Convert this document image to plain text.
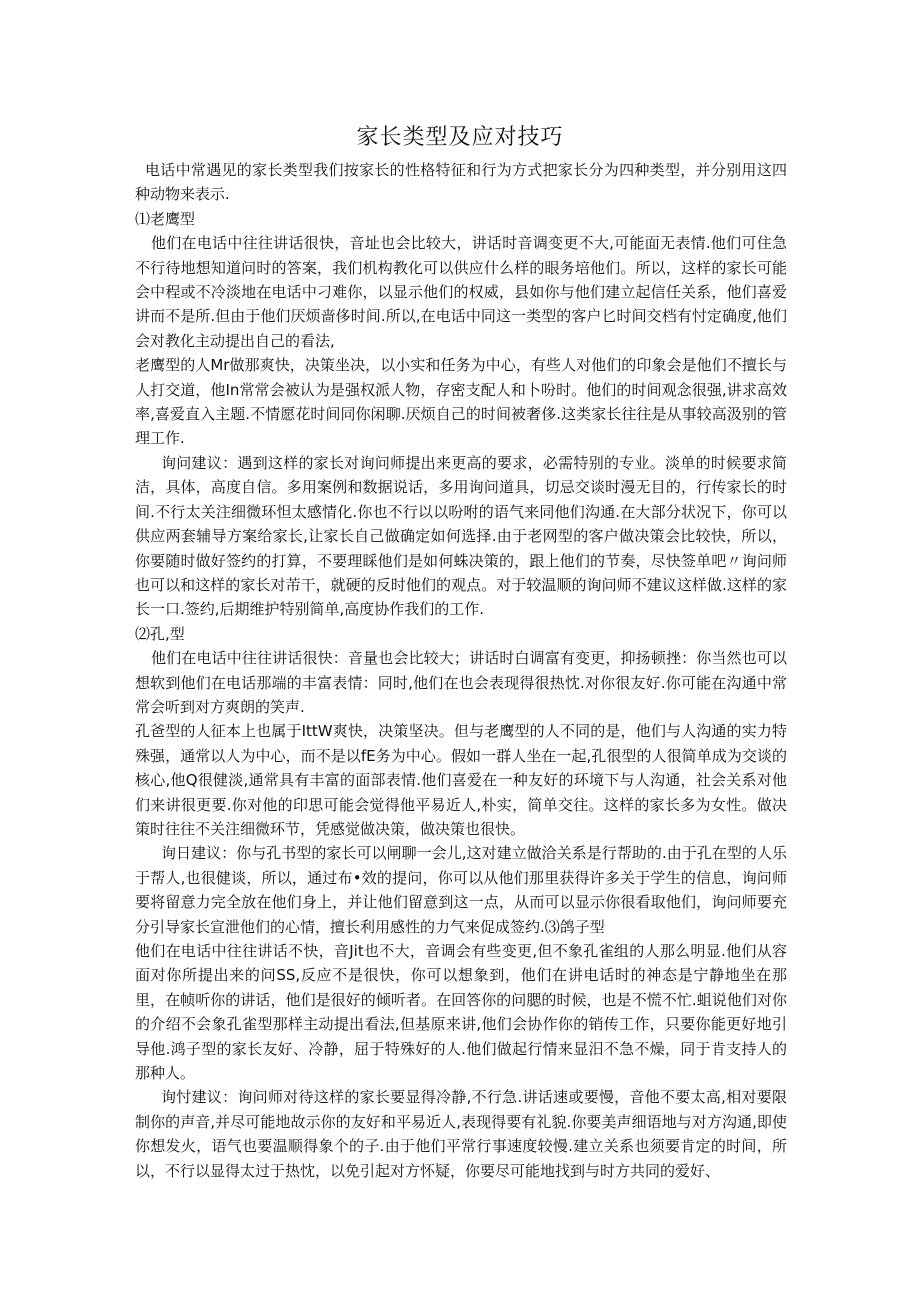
家长类型及应对技巧

电话中常遇见的家长类型我们按家长的性格特征和行为方式把家长分为四种类型，并分别用这四种动物来表示.

⑴老鹰型

他们在电话中往往讲话很快，音址也会比较大，讲话时音调变更不大,可能面无表情.他们可住急不行待地想知道问时的答案，我们机构教化可以供应什么样的眼务培他们。所以，这样的家长可能会中程或不冷淡地在电话中刁难你，以显示他们的权威，县如你与他们建立起信任关系，他们喜爱讲而不是所.但由于他们厌烦啬侈时间.所以,在电话中同这一类型的客户匕时间交档有忖定确度,他们会对教化主动提出自己的看法,

老鹰型的人Mr做那爽快，决策坐决，以小实和任务为中心，有些人对他们的印象会是他们不擅长与人打交道，他In常常会被认为是强权派人物，存密支配人和卜吩时。他们的时间观念很强,讲求高效率,喜爱直入主题.不情愿花时间同你闲聊.厌烦自己的时间被奢侈.这类家长往往是从事较高汲别的管理工作.

询问建议：遇到这样的家长对询问师提出来更高的要求，必需特别的专业。淡单的时候要求简洁，具体，高度自信。多用案例和数据说话，多用询问道具，切忌交谈时漫无目的，行传家长的时间.不行太关注细微环怛太感情化.你也不行以以吩咐的语气来同他们沟通.在大部分状况下，你可以供应两套辅导方案给家长,让家长自己做确定如何选择.由于老网型的客户做决策会比较快，所以，你要随时做好签约的打算，不要理睬他们是如何蛛决策的，跟上他们的节奏，尽快签单吧〃询问师也可以和这样的家长对芾干，就硬的反时他们的观点。对于较温顺的询问师不建议这样做.这样的家长一口.签约,后期维护特别简单,高度协作我们的工作.

⑵孔,型

他们在电话中往往讲话很快：音量也会比较大；讲话时白调富有变更，抑扬顿挫：你当然也可以想软到他们在电话那端的丰富表情：同时,他们在也会表现得很热忱.对你很友好.你可能在沟通中常常会听到对方爽朗的笑声.

孔爸型的人征本上也属于IttW爽快，决策坚决。但与老鹰型的人不同的是，他们与人沟通的实力特殊强，通常以人为中心，而不是以fE务为中心。假如一群人坐在一起,孔很型的人很简单成为交谈的核心,他Q很健淡,通常具有丰富的面部表情.他们喜爱在一种友好的环境下与人沟通，社会关系对他们来讲很更要.你对他的印思可能会觉得他平易近人,朴实，简单交往。这样的家长多为女性。做决策时往往不关注细微环节，凭感觉做决策，做决策也很快。

询日建议：你与孔书型的家长可以闸聊一会儿,这对建立做洽关系是行帮助的.由于孔在型的人乐于帮人,也很健谈，所以，通过布•效的提问，你可以从他们那里获得许多关于学生的信息，询问师要将留意力完全放在他们身上，并让他们留意到这一点，从而可以显示你很看取他们，询问师要充分引导家长宣泄他们的心情，擅长利用感性的力气来促成签约.⑶鸽子型

他们在电话中往往讲话不快，音Jit也不大，音调会有些变更,但不象孔雀组的人那么明显.他们从容面对你所提出来的问SS,反应不是很快，你可以想象到，他们在讲电话时的神态是宁静地坐在那里，在帧听你的讲话，他们是很好的倾听者。在回答你的问腮的时候，也是不慌不忙.蛆说他们对你的介绍不会象孔雀型那样主动提出看法,但基原来讲,他们会协作你的销传工作，只要你能更好地引导他.鸿子型的家长友好、冷静，屈于特殊好的人.他们做起行情来显汨不急不燥，同于肯支持人的那种人。

询忖建议：询问师对待这样的家长要显得冷静,不行急.讲话速或要慢，音他不要太高,相对要限制你的声音,并尽可能地故示你的友好和平易近人,表现得要有礼貌.你要美声细语地与对方沟通,即使你想发火，语气也要温顺得象个的子.由于他们平常行事速度较慢.建立关系也须要肯定的时间，所以，不行以显得太过于热忱，以免引起对方怀疑，你要尽可能地找到与时方共同的爱好、
